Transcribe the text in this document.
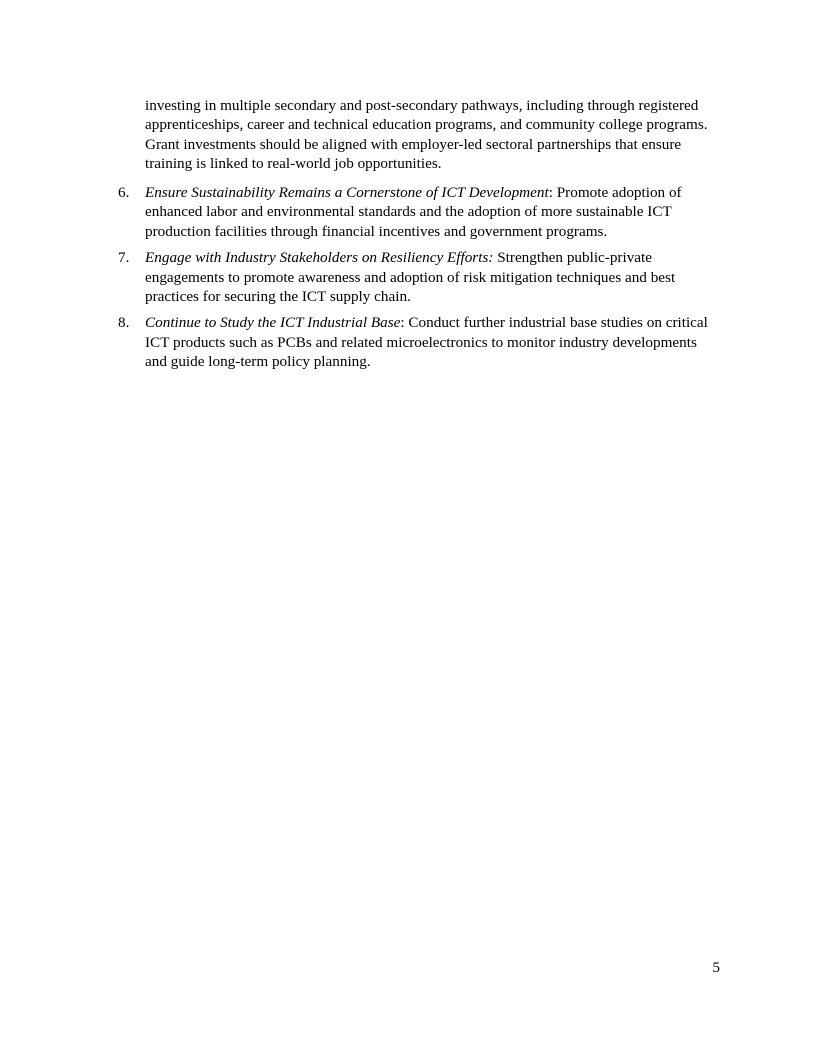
investing in multiple secondary and post-secondary pathways, including through registered apprenticeships, career and technical education programs, and community college programs. Grant investments should be aligned with employer-led sectoral partnerships that ensure training is linked to real-world job opportunities.

6. Ensure Sustainability Remains a Cornerstone of ICT Development: Promote adoption of enhanced labor and environmental standards and the adoption of more sustainable ICT production facilities through financial incentives and government programs.
7. Engage with Industry Stakeholders on Resiliency Efforts: Strengthen public-private engagements to promote awareness and adoption of risk mitigation techniques and best practices for securing the ICT supply chain.
8. Continue to Study the ICT Industrial Base: Conduct further industrial base studies on critical ICT products such as PCBs and related microelectronics to monitor industry developments and guide long-term policy planning.

5
